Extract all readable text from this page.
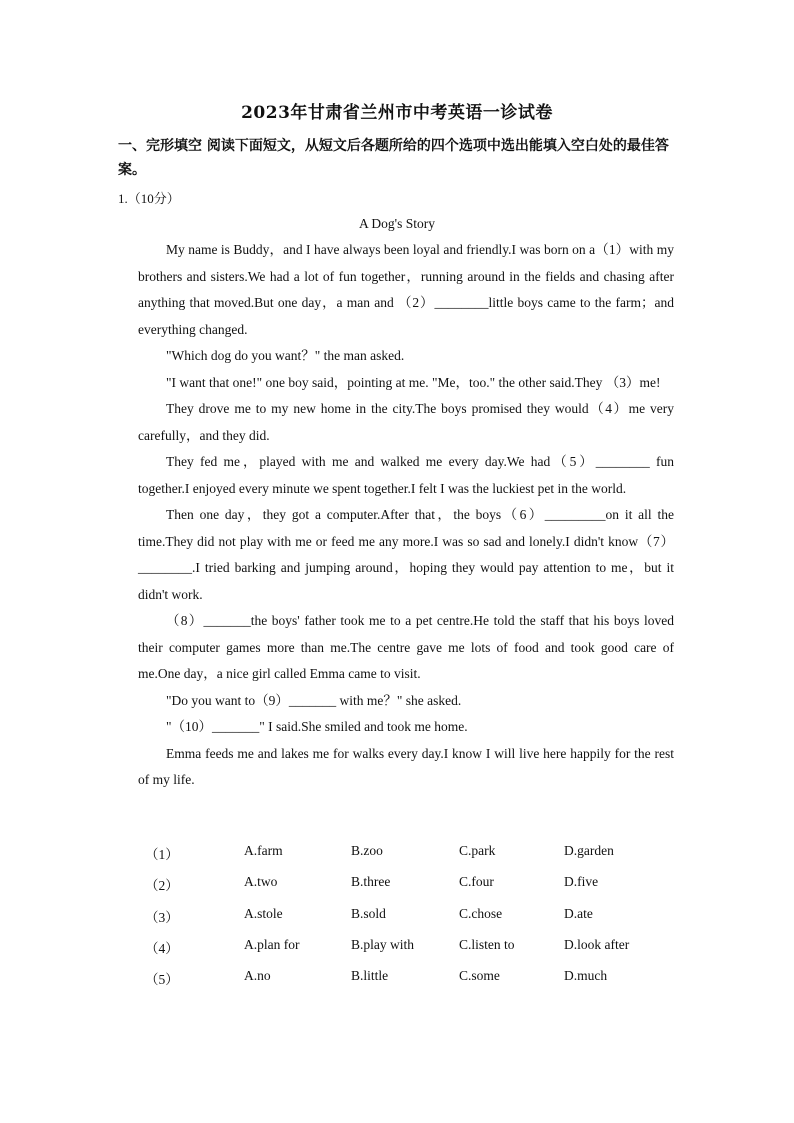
2023年甘肃省兰州市中考英语一诊试卷
一、完形填空 阅读下面短文，从短文后各题所给的四个选项中选出能填入空白处的最佳答案。
1.（10分）
A Dog's Story

My name is Buddy，and I have always been loyal and friendly.I was born on a（1）with my brothers and sisters.We had a lot of fun together，running around in the fields and chasing after anything that moved.But one day，a man and （2）________little boys came to the farm；and everything changed.

"Which dog do you want？" the man asked.

"I want that one!" one boy said，pointing at me. "Me，too." the other said.They （3）me!

They drove me to my new home in the city.The boys promised they would（4）me very carefully，and they did.

They fed me，played with me and walked me every day.We had（5）________ fun together.I enjoyed every minute we spent together.I felt I was the luckiest pet in the world.

Then one day，they got a computer.After that，the boys（6）_________on it all the time.They did not play with me or feed me any more.I was so sad and lonely.I didn't know（7）________.I tried barking and jumping around，hoping they would pay attention to me，but it didn't work.

（8）_______the boys' father took me to a pet centre.He told the staff that his boys loved their computer games more than me.The centre gave me lots of food and took good care of me.One day，a nice girl called Emma came to visit.

"Do you want to（9）_______ with me？" she asked.

"（10）_______" I said.She smiled and took me home.

Emma feeds me and lakes me for walks every day.I know I will live here happily for the rest of my life.

（1）	A.farm	B.zoo	C.park	D.garden
（2）	A.two	B.three	C.four	D.five
（3）	A.stole	B.sold	C.chose	D.ate
（4）	A.plan for	B.play with	C.listen to	D.look after
（5）	A.no	B.little	C.some	D.much
